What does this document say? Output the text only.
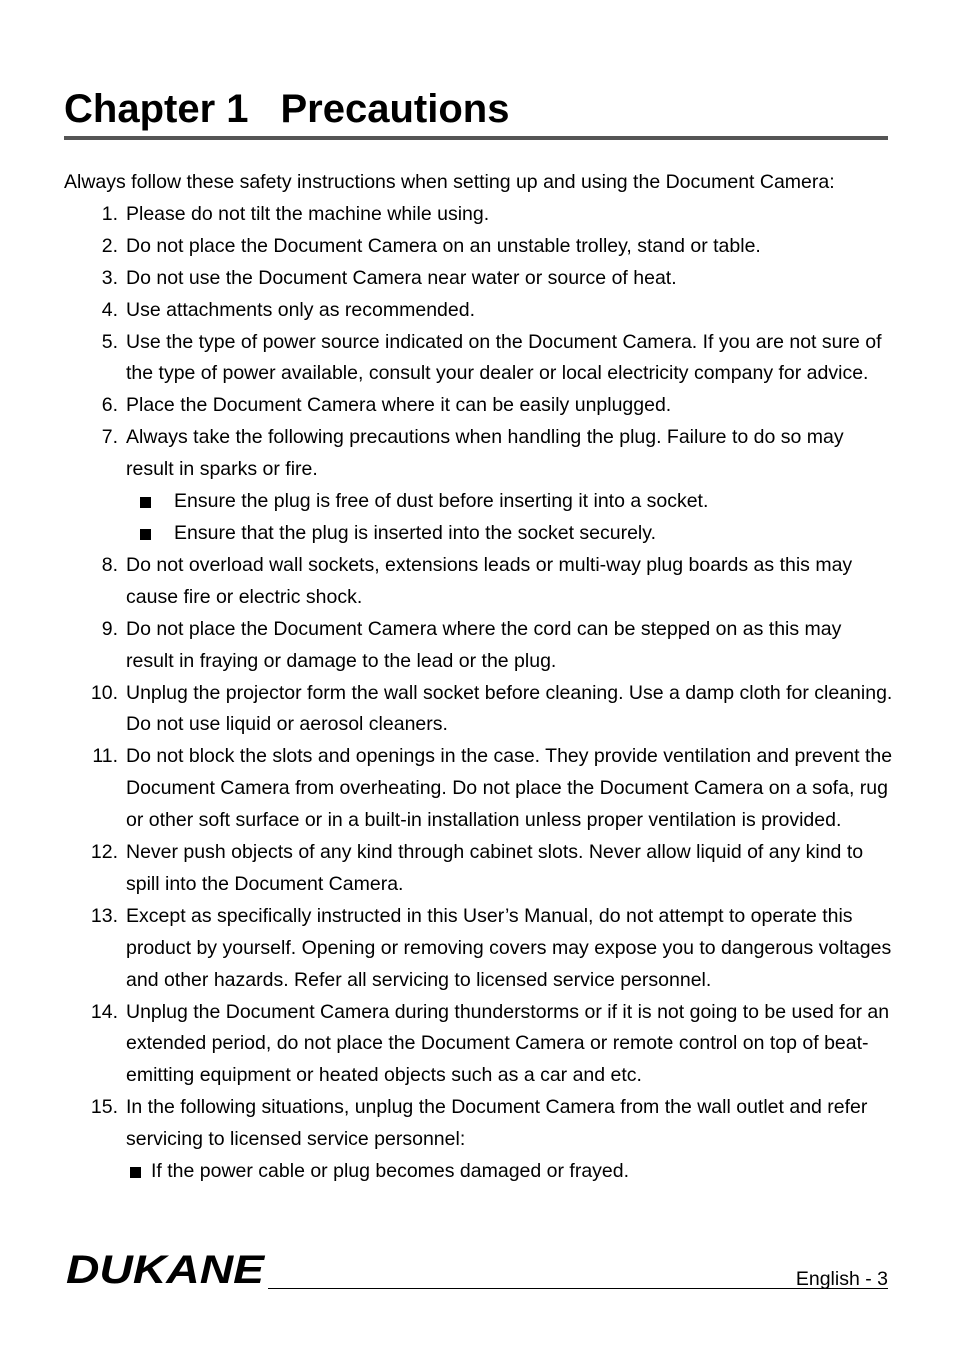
Chapter 1 Precautions

Always follow these safety instructions when setting up and using the Document Camera:

1. Please do not tilt the machine while using.
2. Do not place the Document Camera on an unstable trolley, stand or table.
3. Do not use the Document Camera near water or source of heat.
4. Use attachments only as recommended.
5. Use the type of power source indicated on the Document Camera. If you are not sure of the type of power available, consult your dealer or local electricity company for advice.
6. Place the Document Camera where it can be easily unplugged.
7. Always take the following precautions when handling the plug. Failure to do so may result in sparks or fire.
Ensure the plug is free of dust before inserting it into a socket.
Ensure that the plug is inserted into the socket securely.
8. Do not overload wall sockets, extensions leads or multi-way plug boards as this may cause fire or electric shock.
9. Do not place the Document Camera where the cord can be stepped on as this may result in fraying or damage to the lead or the plug.
10. Unplug the projector form the wall socket before cleaning. Use a damp cloth for cleaning. Do not use liquid or aerosol cleaners.
11. Do not block the slots and openings in the case. They provide ventilation and prevent the Document Camera from overheating. Do not place the Document Camera on a sofa, rug or other soft surface or in a built-in installation unless proper ventilation is provided.
12. Never push objects of any kind through cabinet slots. Never allow liquid of any kind to spill into the Document Camera.
13. Except as specifically instructed in this User’s Manual, do not attempt to operate this product by yourself. Opening or removing covers may expose you to dangerous voltages and other hazards. Refer all servicing to licensed service personnel.
14. Unplug the Document Camera during thunderstorms or if it is not going to be used for an extended period, do not place the Document Camera or remote control on top of beat-emitting equipment or heated objects such as a car and etc.
15. In the following situations, unplug the Document Camera from the wall outlet and refer servicing to licensed service personnel:
If the power cable or plug becomes damaged or frayed.
DUKANE	English - 3
